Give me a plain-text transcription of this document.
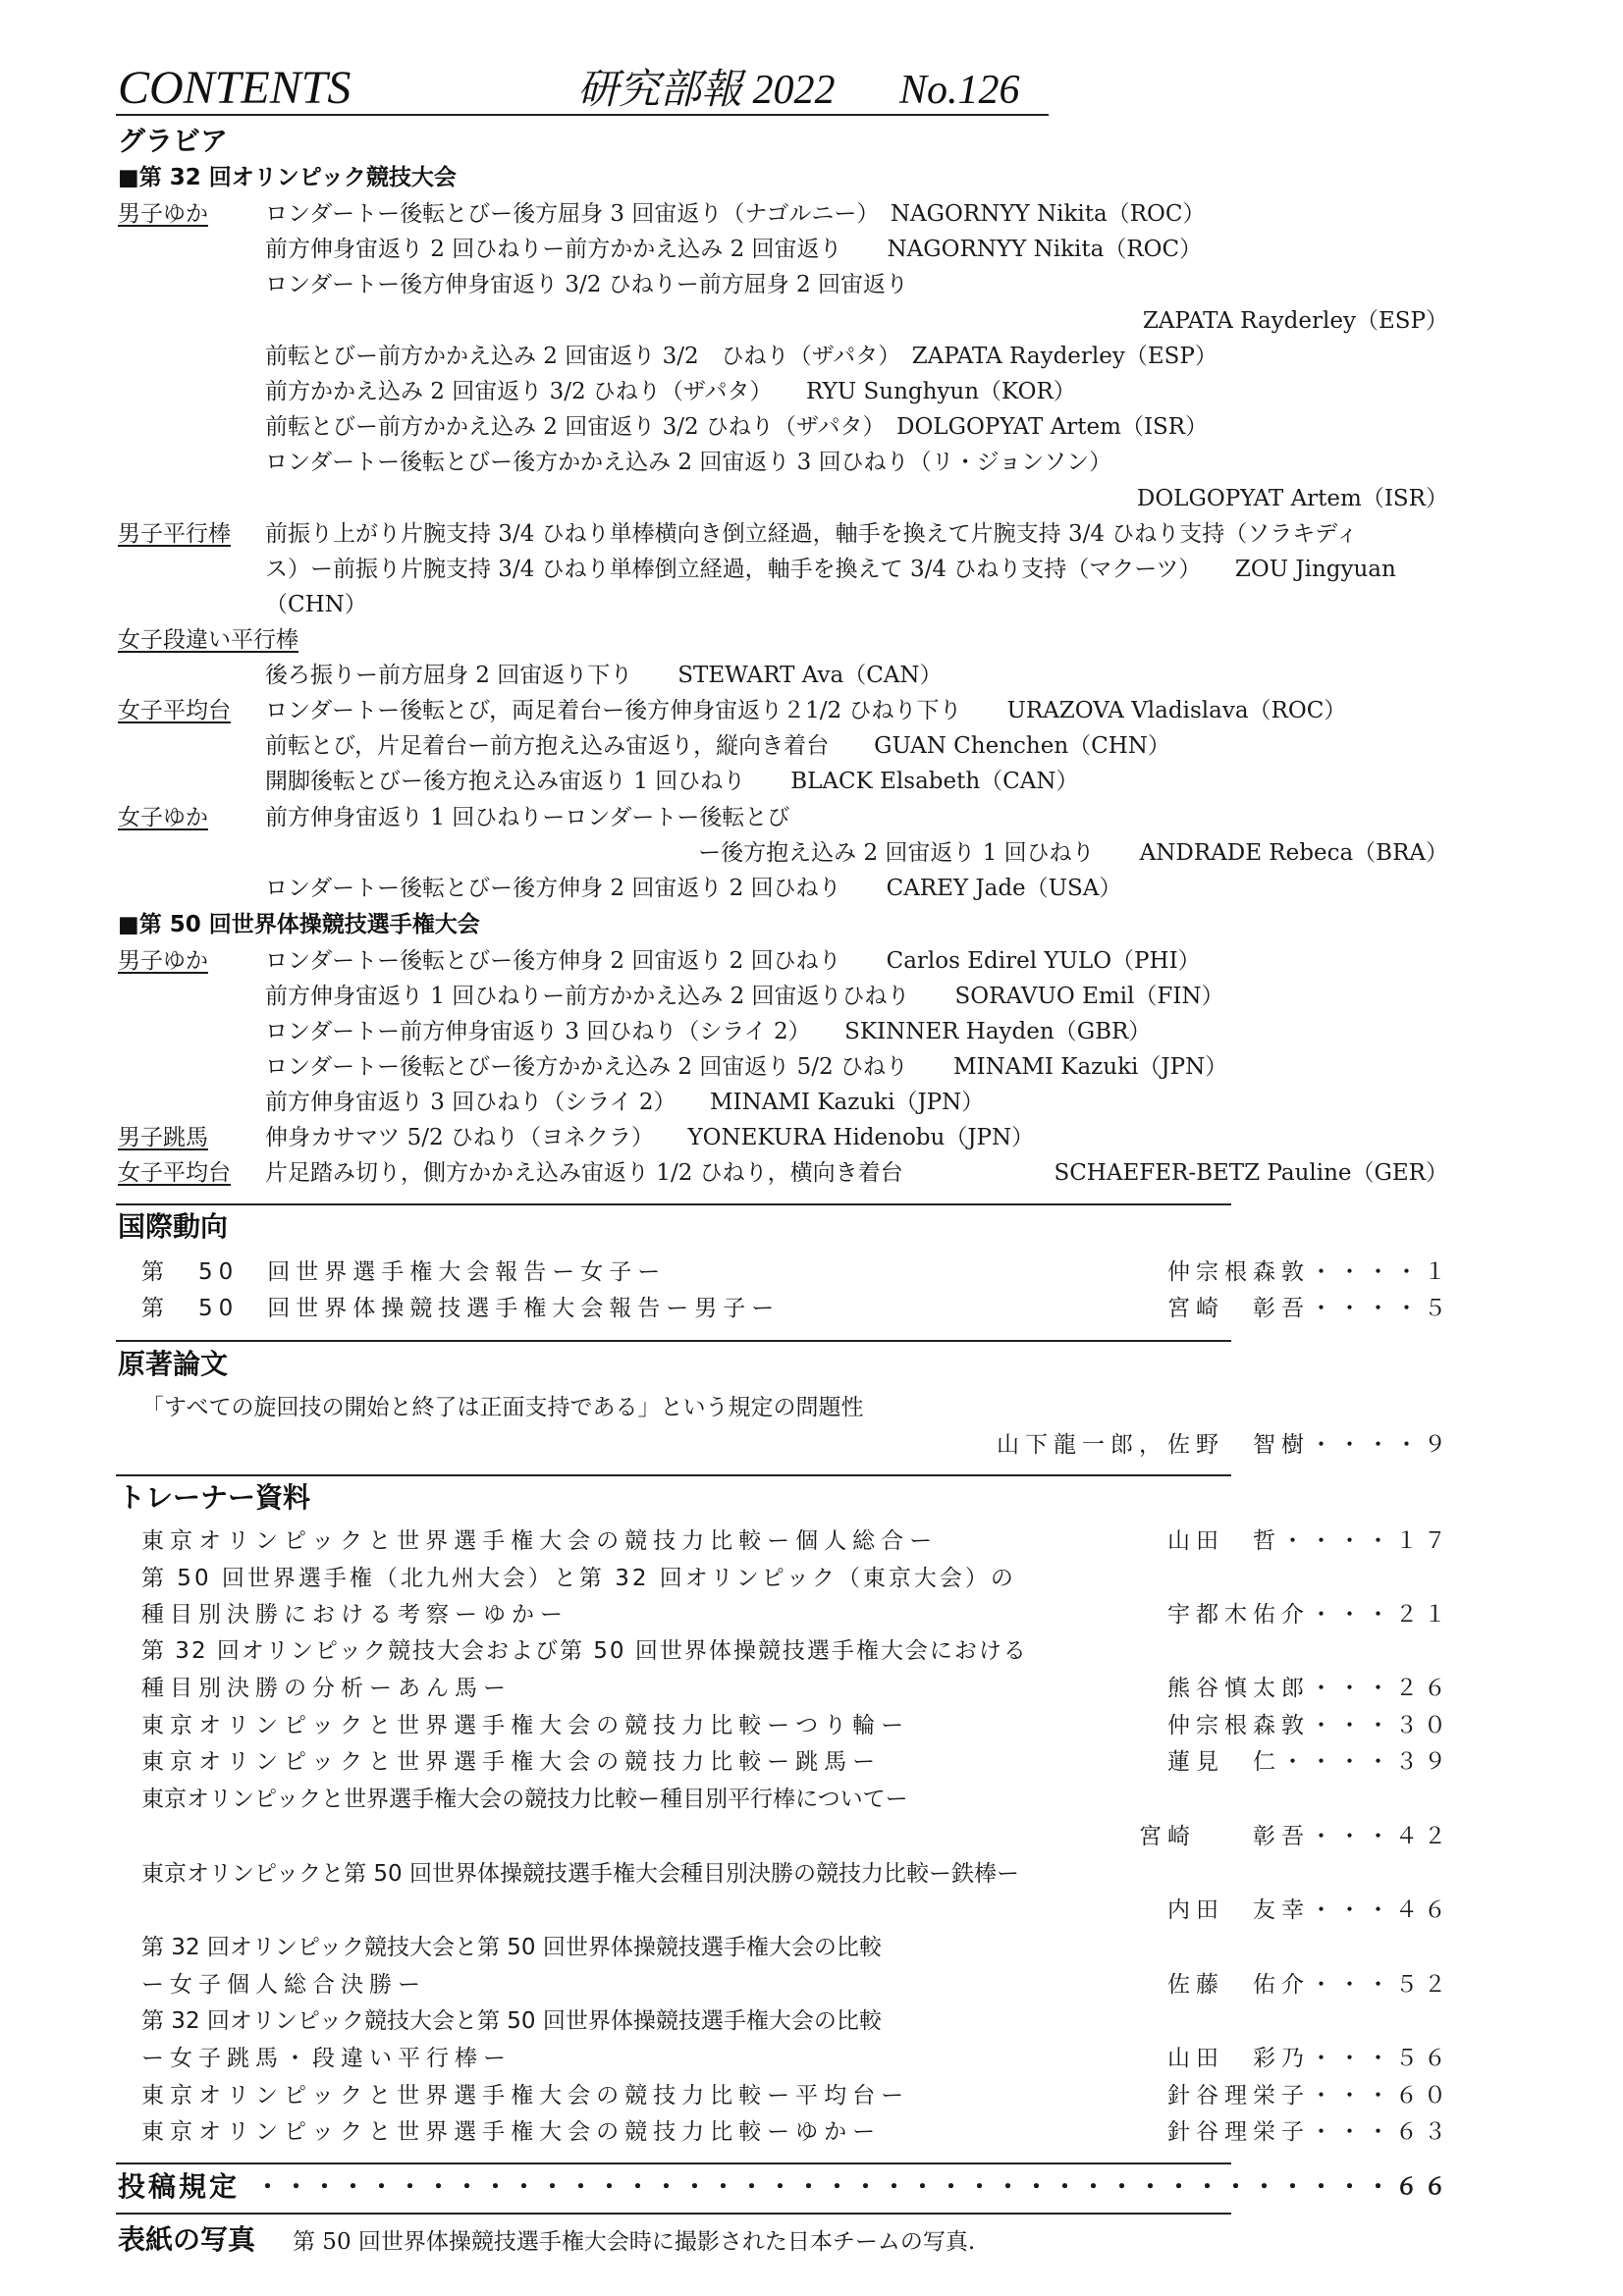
CONTENTS	研究部報 2022 No.126
グラビア
■第 32 回オリンピック競技大会
男子ゆか	ロンダートー後転とびー後方屈身 3 回宙返り（ナゴルニー）　NAGORNYY Nikita（ROC）
前方伸身宙返り 2 回ひねりー前方かかえ込み 2 回宙返り　　NAGORNYY Nikita（ROC）
ロンダートー後方伸身宙返り 3/2 ひねりー前方屈身 2 回宙返り
ZAPATA Rayderley（ESP）
前転とびー前方かかえ込み 2 回宙返り 3/2　ひねり（ザパタ）　ZAPATA Rayderley（ESP）
前方かかえ込み 2 回宙返り 3/2 ひねり（ザパタ）　　RYU Sunghyun（KOR）
前転とびー前方かかえ込み 2 回宙返り 3/2 ひねり（ザパタ）　DOLGOPYAT Artem（ISR）
ロンダートー後転とびー後方かかえ込み 2 回宙返り 3 回ひねり（リ・ジョンソン）
DOLGOPYAT Artem（ISR）
男子平行棒 前振り上がり片腕支持 3/4 ひねり単棒横向き倒立経過，軸手を換えて片腕支持 3/4 ひねり支持（ソラキディ
ス）ー前振り片腕支持 3/4 ひねり単棒倒立経過，軸手を換えて 3/4 ひねり支持（マクーツ）　　ZOU Jingyuan
（CHN）
女子段違い平行棒
後ろ振りー前方屈身 2 回宙返り下り　　STEWART Ava（CAN）
女子平均台 ロンダートー後転とび，両足着台ー後方伸身宙返り２1/2 ひねり下り　　URAZOVA Vladislava（ROC）
前転とび，片足着台ー前方抱え込み宙返り，縦向き着台　　GUAN Chenchen（CHN）
開脚後転とびー後方抱え込み宙返り 1 回ひねり　　BLACK Elsabeth（CAN）
女子ゆか	前方伸身宙返り 1 回ひねりーロンダートー後転とび
ー後方抱え込み 2 回宙返り 1 回ひねり　　ANDRADE Rebeca（BRA）
ロンダートー後転とびー後方伸身 2 回宙返り 2 回ひねり　　CAREY Jade（USA）
■第 50 回世界体操競技選手権大会
男子ゆか	ロンダートー後転とびー後方伸身 2 回宙返り 2 回ひねり　　Carlos Edirel YULO（PHI）
前方伸身宙返り 1 回ひねりー前方かかえ込み 2 回宙返りひねり　　SORAVUO Emil（FIN）
ロンダートー前方伸身宙返り 3 回ひねり（シライ 2）　　SKINNER Hayden（GBR）
ロンダートー後転とびー後方かかえ込み 2 回宙返り 5/2 ひねり　　MINAMI Kazuki（JPN）
前方伸身宙返り 3 回ひねり（シライ 2）　　MINAMI Kazuki（JPN）
男子跳馬	伸身カサマツ 5/2 ひねり（ヨネクラ）　　YONEKURA Hidenobu（JPN）
女子平均台 片足踏み切り，側方かかえ込み宙返り 1/2 ひねり，横向き着台	SCHAEFER-BETZ Pauline（GER）
国際動向
第　50　回世界選手権大会報告ー女子ー	仲宗根森敦・・・・１
第　50　回世界体操競技選手権大会報告ー男子ー	宮崎　彰吾・・・・５
原著論文
「すべての旋回技の開始と終了は正面支持である」という規定の問題性
山下龍一郎，佐野　智樹・・・・９
トレーナー資料
東京オリンピックと世界選手権大会の競技力比較ー個人総合ー	山田　哲・・・・１７
第 50 回世界選手権（北九州大会）と第 32 回オリンピック（東京大会）の
種目別決勝における考察ーゆかー	宇都木佑介・・・２１
第 32 回オリンピック競技大会および第 50 回世界体操競技選手権大会における
種目別決勝の分析ーあん馬ー	熊谷慎太郎・・・２６
東京オリンピックと世界選手権大会の競技力比較ーつり輪ー	仲宗根森敦・・・３０
東京オリンピックと世界選手権大会の競技力比較ー跳馬ー	蓮見　仁・・・・３９
東京オリンピックと世界選手権大会の競技力比較ー種目別平行棒についてー
宮崎　　彰吾・・・４２
東京オリンピックと第 50 回世界体操競技選手権大会種目別決勝の競技力比較ー鉄棒ー
内田　友幸・・・４６
第 32 回オリンピック競技大会と第 50 回世界体操競技選手権大会の比較
ー女子個人総合決勝ー	佐藤　佑介・・・５２
第 32 回オリンピック競技大会と第 50 回世界体操競技選手権大会の比較
ー女子跳馬・段違い平行棒ー	山田　彩乃・・・５６
東京オリンピックと世界選手権大会の競技力比較ー平均台ー	針谷理栄子・・・６０
東京オリンピックと世界選手権大会の競技力比較ーゆかー	針谷理栄子・・・６３
投稿規定 ・・・・・・・・・・・・・・・・・・・・・・・・・・・・・・・・・・・・・・・・６６
表紙の写真 第 50 回世界体操競技選手権大会時に撮影された日本チームの写真.
